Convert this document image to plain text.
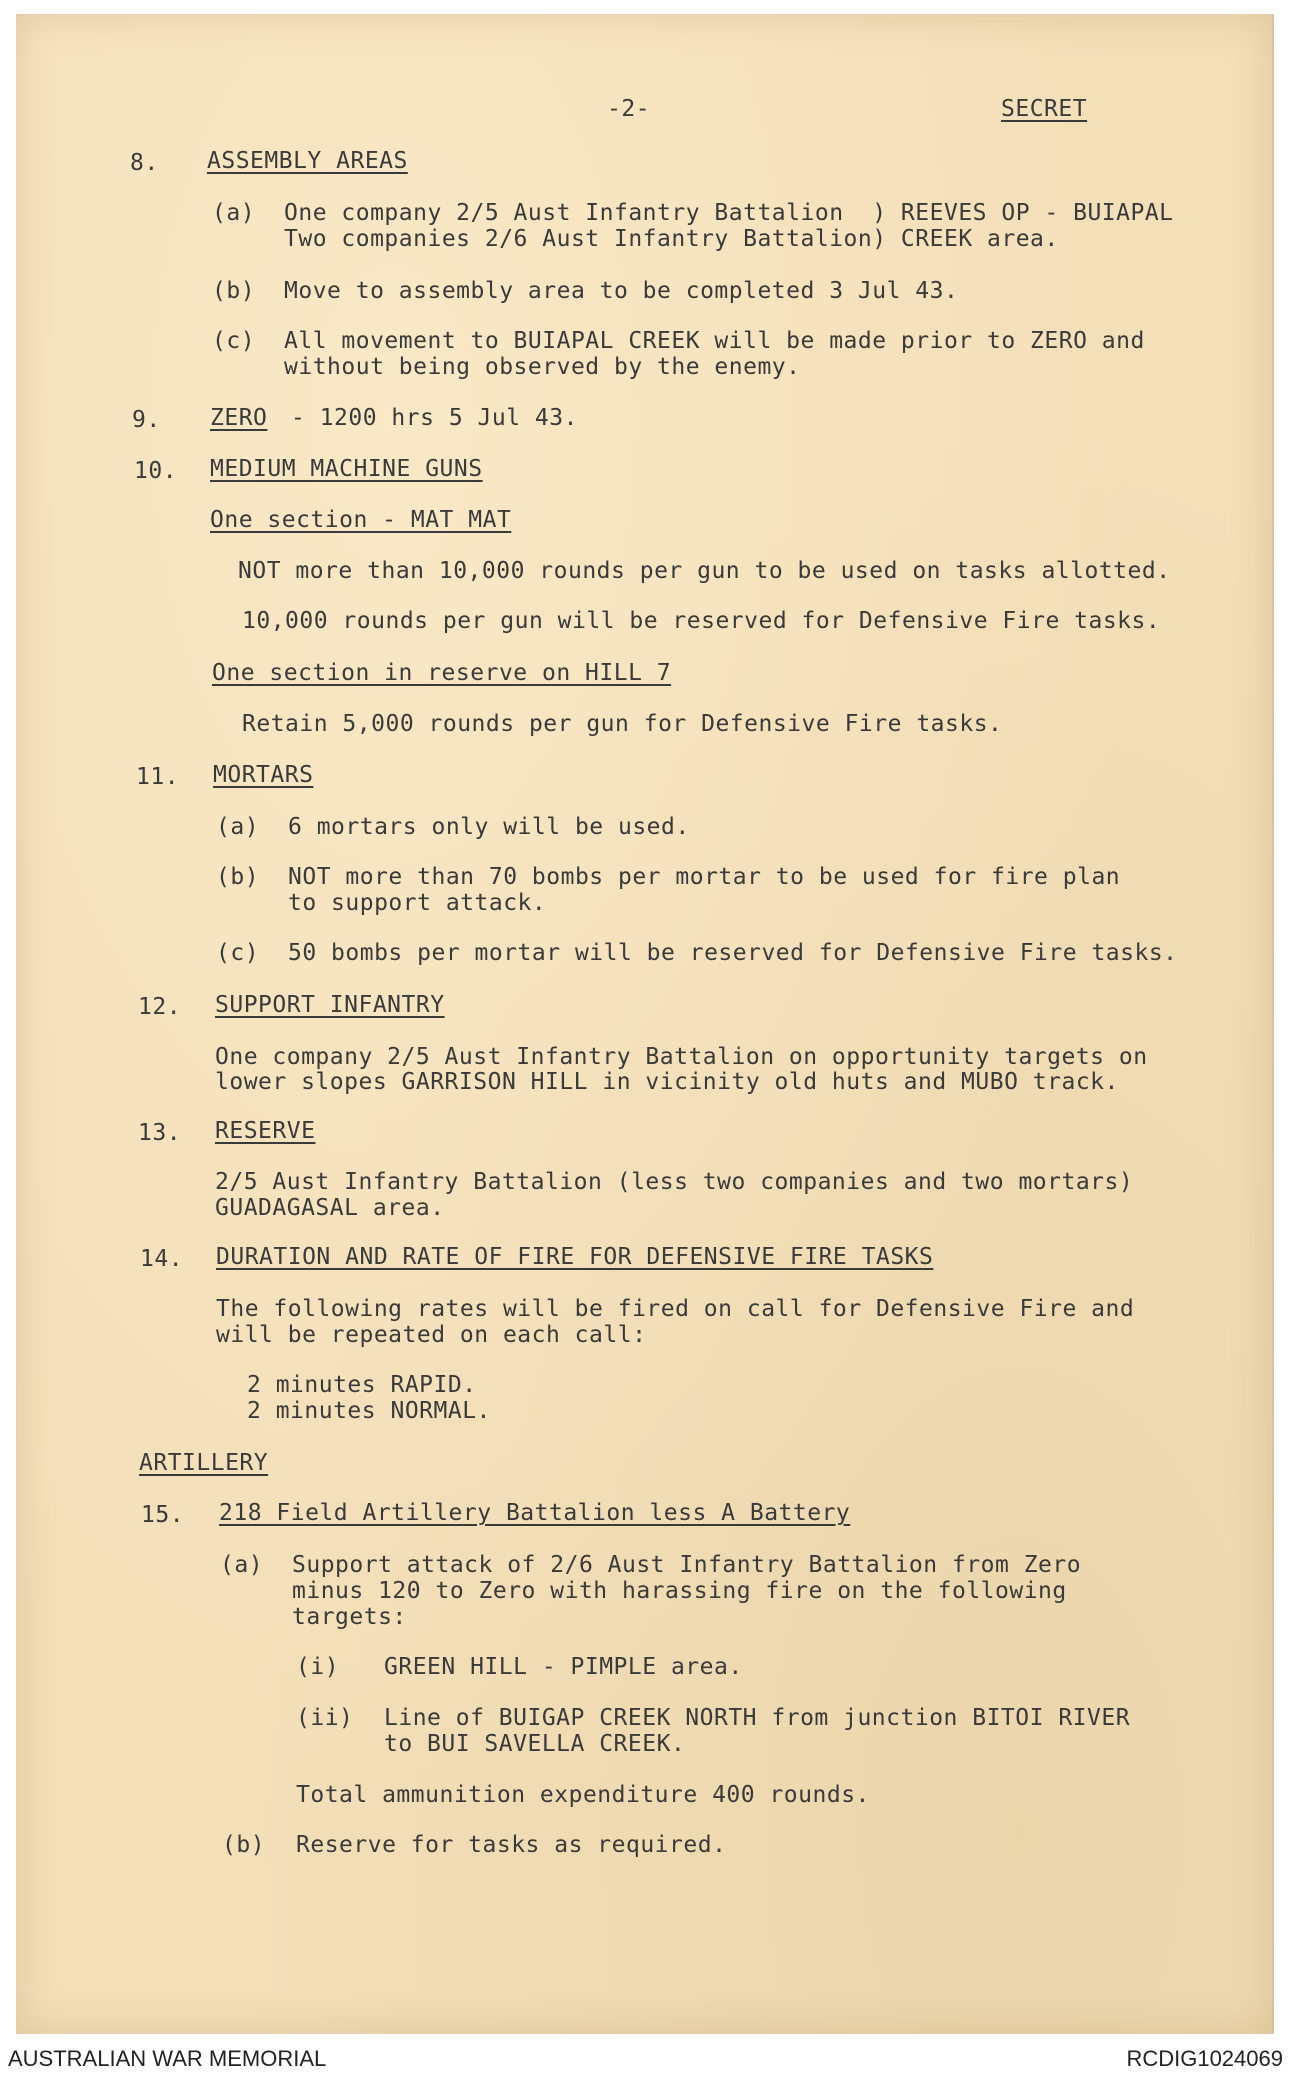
-2-	SECRET
8. ASSEMBLY AREAS
(a) One company 2/5 Aust Infantry Battalion  ) REEVES OP - BUIAPAL
Two companies 2/6 Aust Infantry Battalion) CREEK area.
(b) Move to assembly area to be completed 3 Jul 43.
(c) All movement to BUIAPAL CREEK will be made prior to ZERO and
without being observed by the enemy.
9. ZERO - 1200 hrs 5 Jul 43.
10. MEDIUM MACHINE GUNS
One section - MAT MAT
NOT more than 10,000 rounds per gun to be used on tasks allotted.
10,000 rounds per gun will be reserved for Defensive Fire tasks.
One section in reserve on HILL 7
Retain 5,000 rounds per gun for Defensive Fire tasks.
11. MORTARS
(a) 6 mortars only will be used.
(b) NOT more than 70 bombs per mortar to be used for fire plan
to support attack.
(c) 50 bombs per mortar will be reserved for Defensive Fire tasks.
12. SUPPORT INFANTRY
One company 2/5 Aust Infantry Battalion on opportunity targets on
lower slopes GARRISON HILL in vicinity old huts and MUBO track.
13. RESERVE
2/5 Aust Infantry Battalion (less two companies and two mortars)
GUADAGASAL area.
14. DURATION AND RATE OF FIRE FOR DEFENSIVE FIRE TASKS
The following rates will be fired on call for Defensive Fire and
will be repeated on each call:
2 minutes RAPID.
2 minutes NORMAL.
ARTILLERY
15. 218 Field Artillery Battalion less A Battery
(a) Support attack of 2/6 Aust Infantry Battalion from Zero
minus 120 to Zero with harassing fire on the following
targets:
(i) GREEN HILL - PIMPLE area.
(ii) Line of BUIGAP CREEK NORTH from junction BITOI RIVER
to BUI SAVELLA CREEK.
Total ammunition expenditure 400 rounds.
(b) Reserve for tasks as required.
AUSTRALIAN WAR MEMORIAL	RCDIG1024069
